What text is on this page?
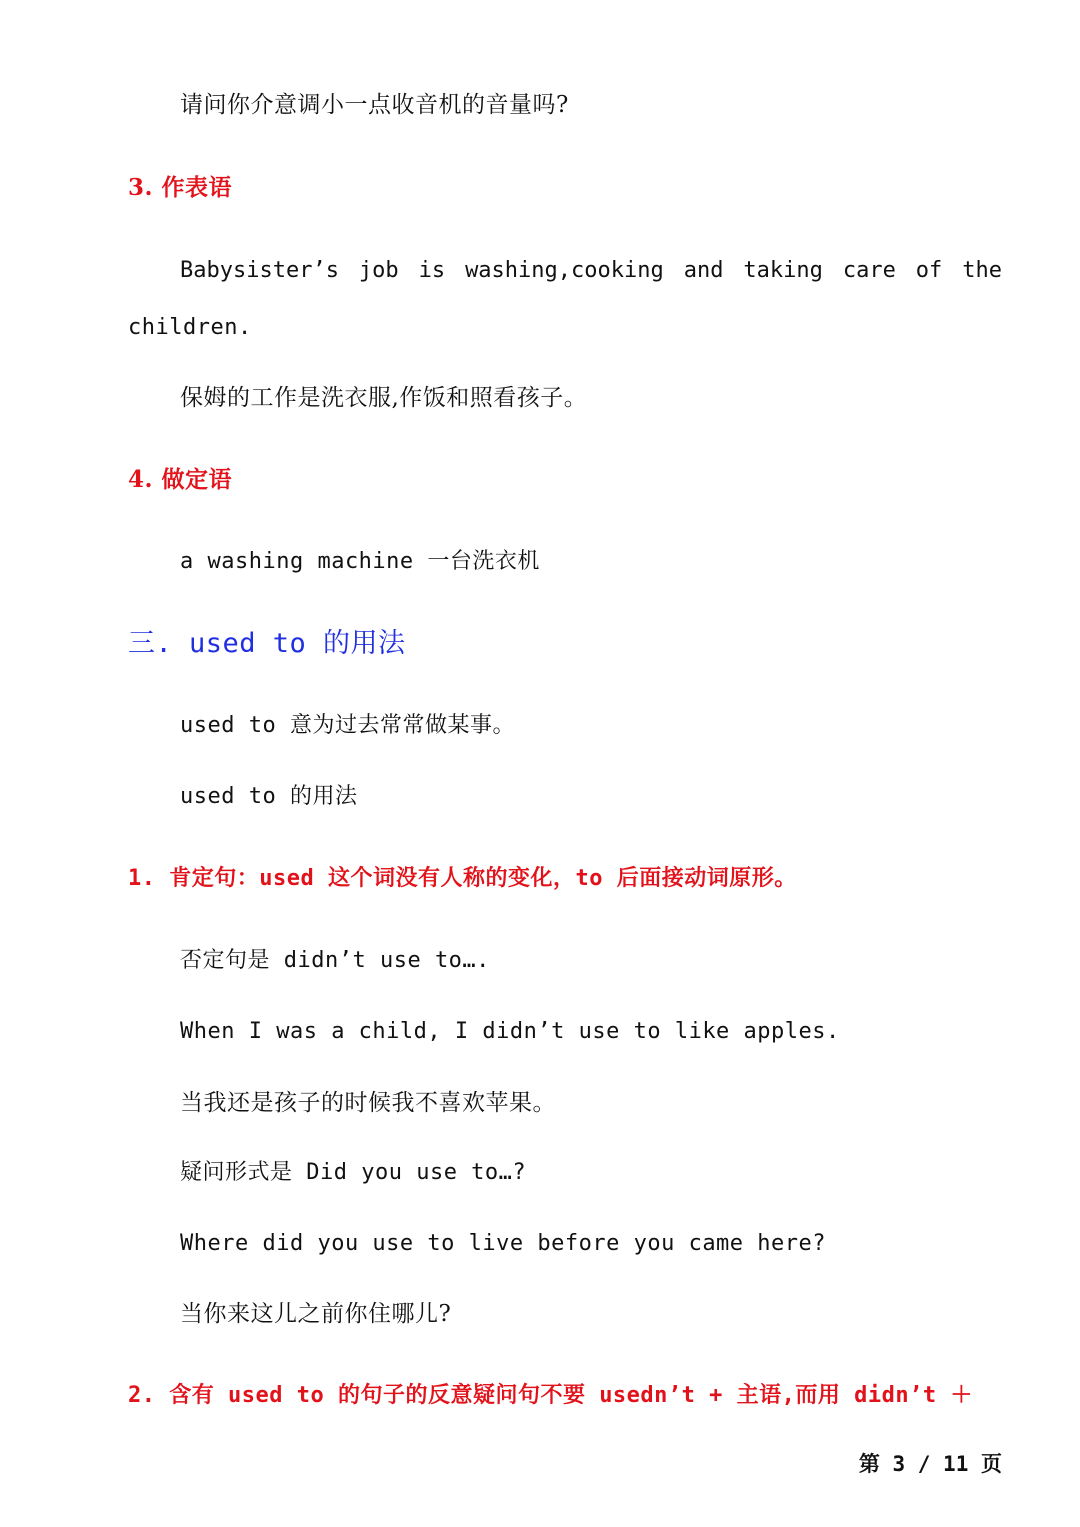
请问你介意调小一点收音机的音量吗?
3. 作表语
Babysister’s job is washing,cooking and taking care of the
children.
保姆的工作是洗衣服,作饭和照看孩子。
4. 做定语
a washing machine 一台洗衣机
三. used to 的用法
used to 意为过去常常做某事。
used to 的用法
1. 肯定句：used 这个词没有人称的变化，to 后面接动词原形。
否定句是 didn’t use to….
When I was a child, I didn’t use to like apples.
当我还是孩子的时候我不喜欢苹果。
疑问形式是 Did you use to…?
Where did you use to live before you came here?
当你来这儿之前你住哪儿?
2. 含有 used to 的句子的反意疑问句不要 usedn’t + 主语,而用 didn’t ＋
第 3 / 11 页
